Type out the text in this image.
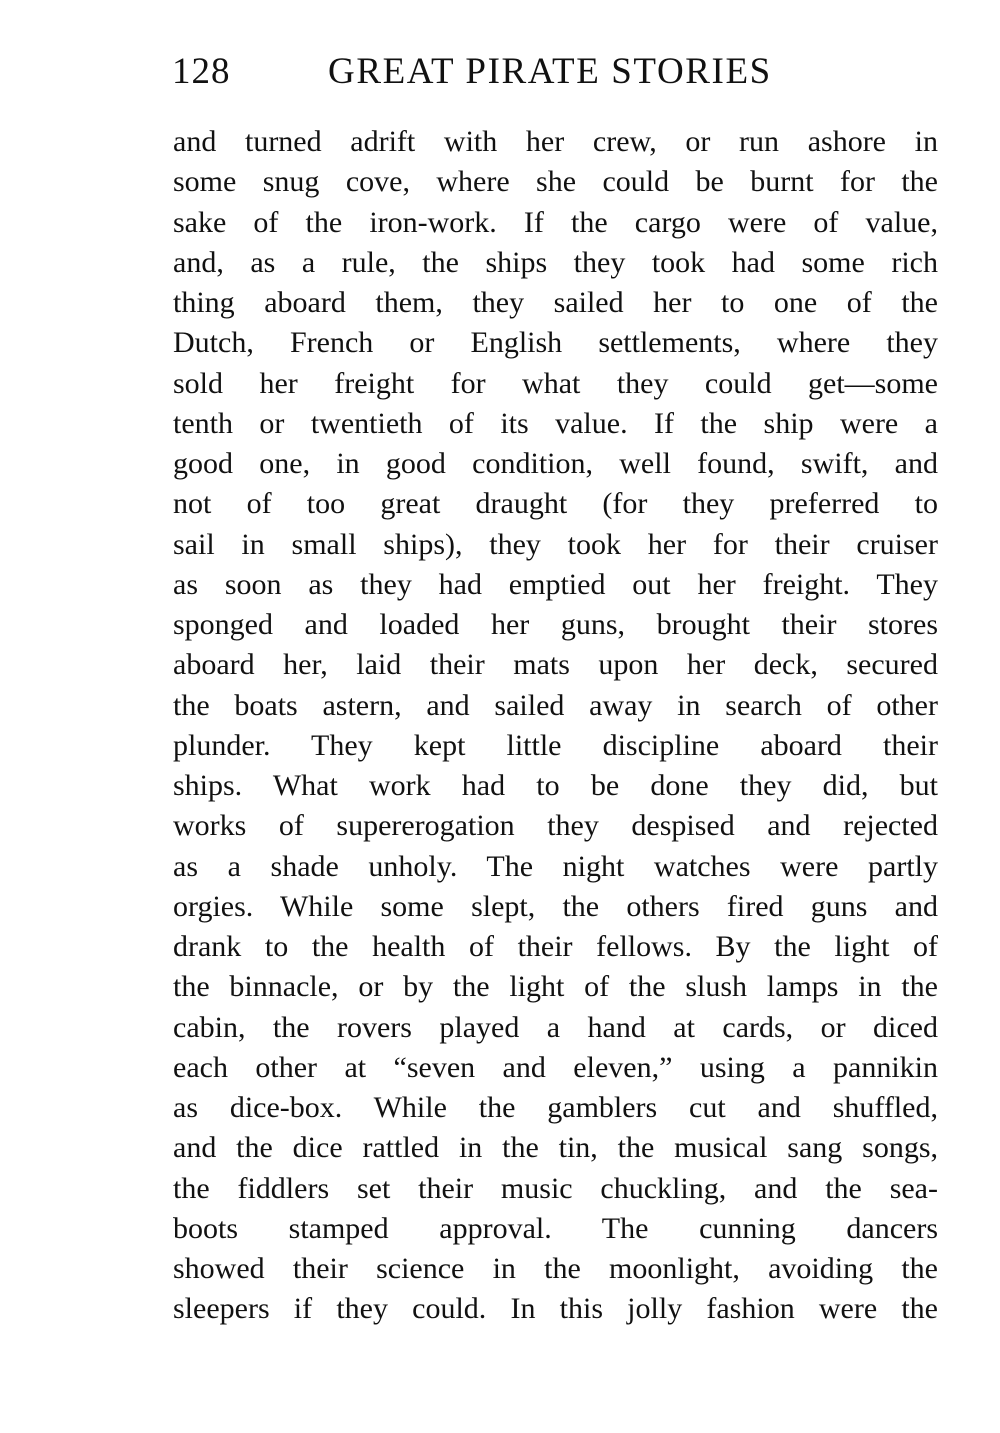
128	GREAT PIRATE STORIES
and turned adrift with her crew, or run ashore in
some snug cove, where she could be burnt for the
sake of the iron-work. If the cargo were of value,
and, as a rule, the ships they took had some rich
thing aboard them, they sailed her to one of the
Dutch, French or English settlements, where they
sold her freight for what they could get—some
tenth or twentieth of its value. If the ship were a
good one, in good condition, well found, swift, and
not of too great draught (for they preferred to
sail in small ships), they took her for their cruiser
as soon as they had emptied out her freight. They
sponged and loaded her guns, brought their stores
aboard her, laid their mats upon her deck, secured
the boats astern, and sailed away in search of other
plunder. They kept little discipline aboard their
ships. What work had to be done they did, but
works of supererogation they despised and rejected
as a shade unholy. The night watches were partly
orgies. While some slept, the others fired guns and
drank to the health of their fellows. By the light of
the binnacle, or by the light of the slush lamps in the
cabin, the rovers played a hand at cards, or diced
each other at “seven and eleven,” using a pannikin
as dice-box. While the gamblers cut and shuffled,
and the dice rattled in the tin, the musical sang songs,
the fiddlers set their music chuckling, and the sea-
boots stamped approval. The cunning dancers
showed their science in the moonlight, avoiding the
sleepers if they could. In this jolly fashion were the
